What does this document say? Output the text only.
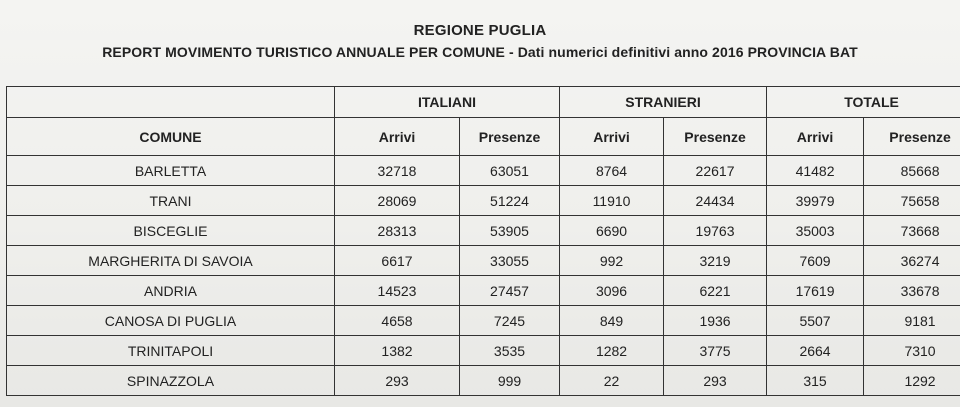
REGIONE PUGLIA
REPORT MOVIMENTO TURISTICO ANNUALE PER COMUNE - Dati numerici definitivi anno 2016 PROVINCIA BAT
	ITALIANI		STRANIERI		TOTALE	
COMUNE	Arrivi	Presenze	Arrivi	Presenze	Arrivi	Presenze
BARLETTA	32718	63051	8764	22617	41482	85668
TRANI	28069	51224	11910	24434	39979	75658
BISCEGLIE	28313	53905	6690	19763	35003	73668
MARGHERITA DI SAVOIA	6617	33055	992	3219	7609	36274
ANDRIA	14523	27457	3096	6221	17619	33678
CANOSA DI PUGLIA	4658	7245	849	1936	5507	9181
TRINITAPOLI	1382	3535	1282	3775	2664	7310
SPINAZZOLA	293	999	22	293	315	1292
